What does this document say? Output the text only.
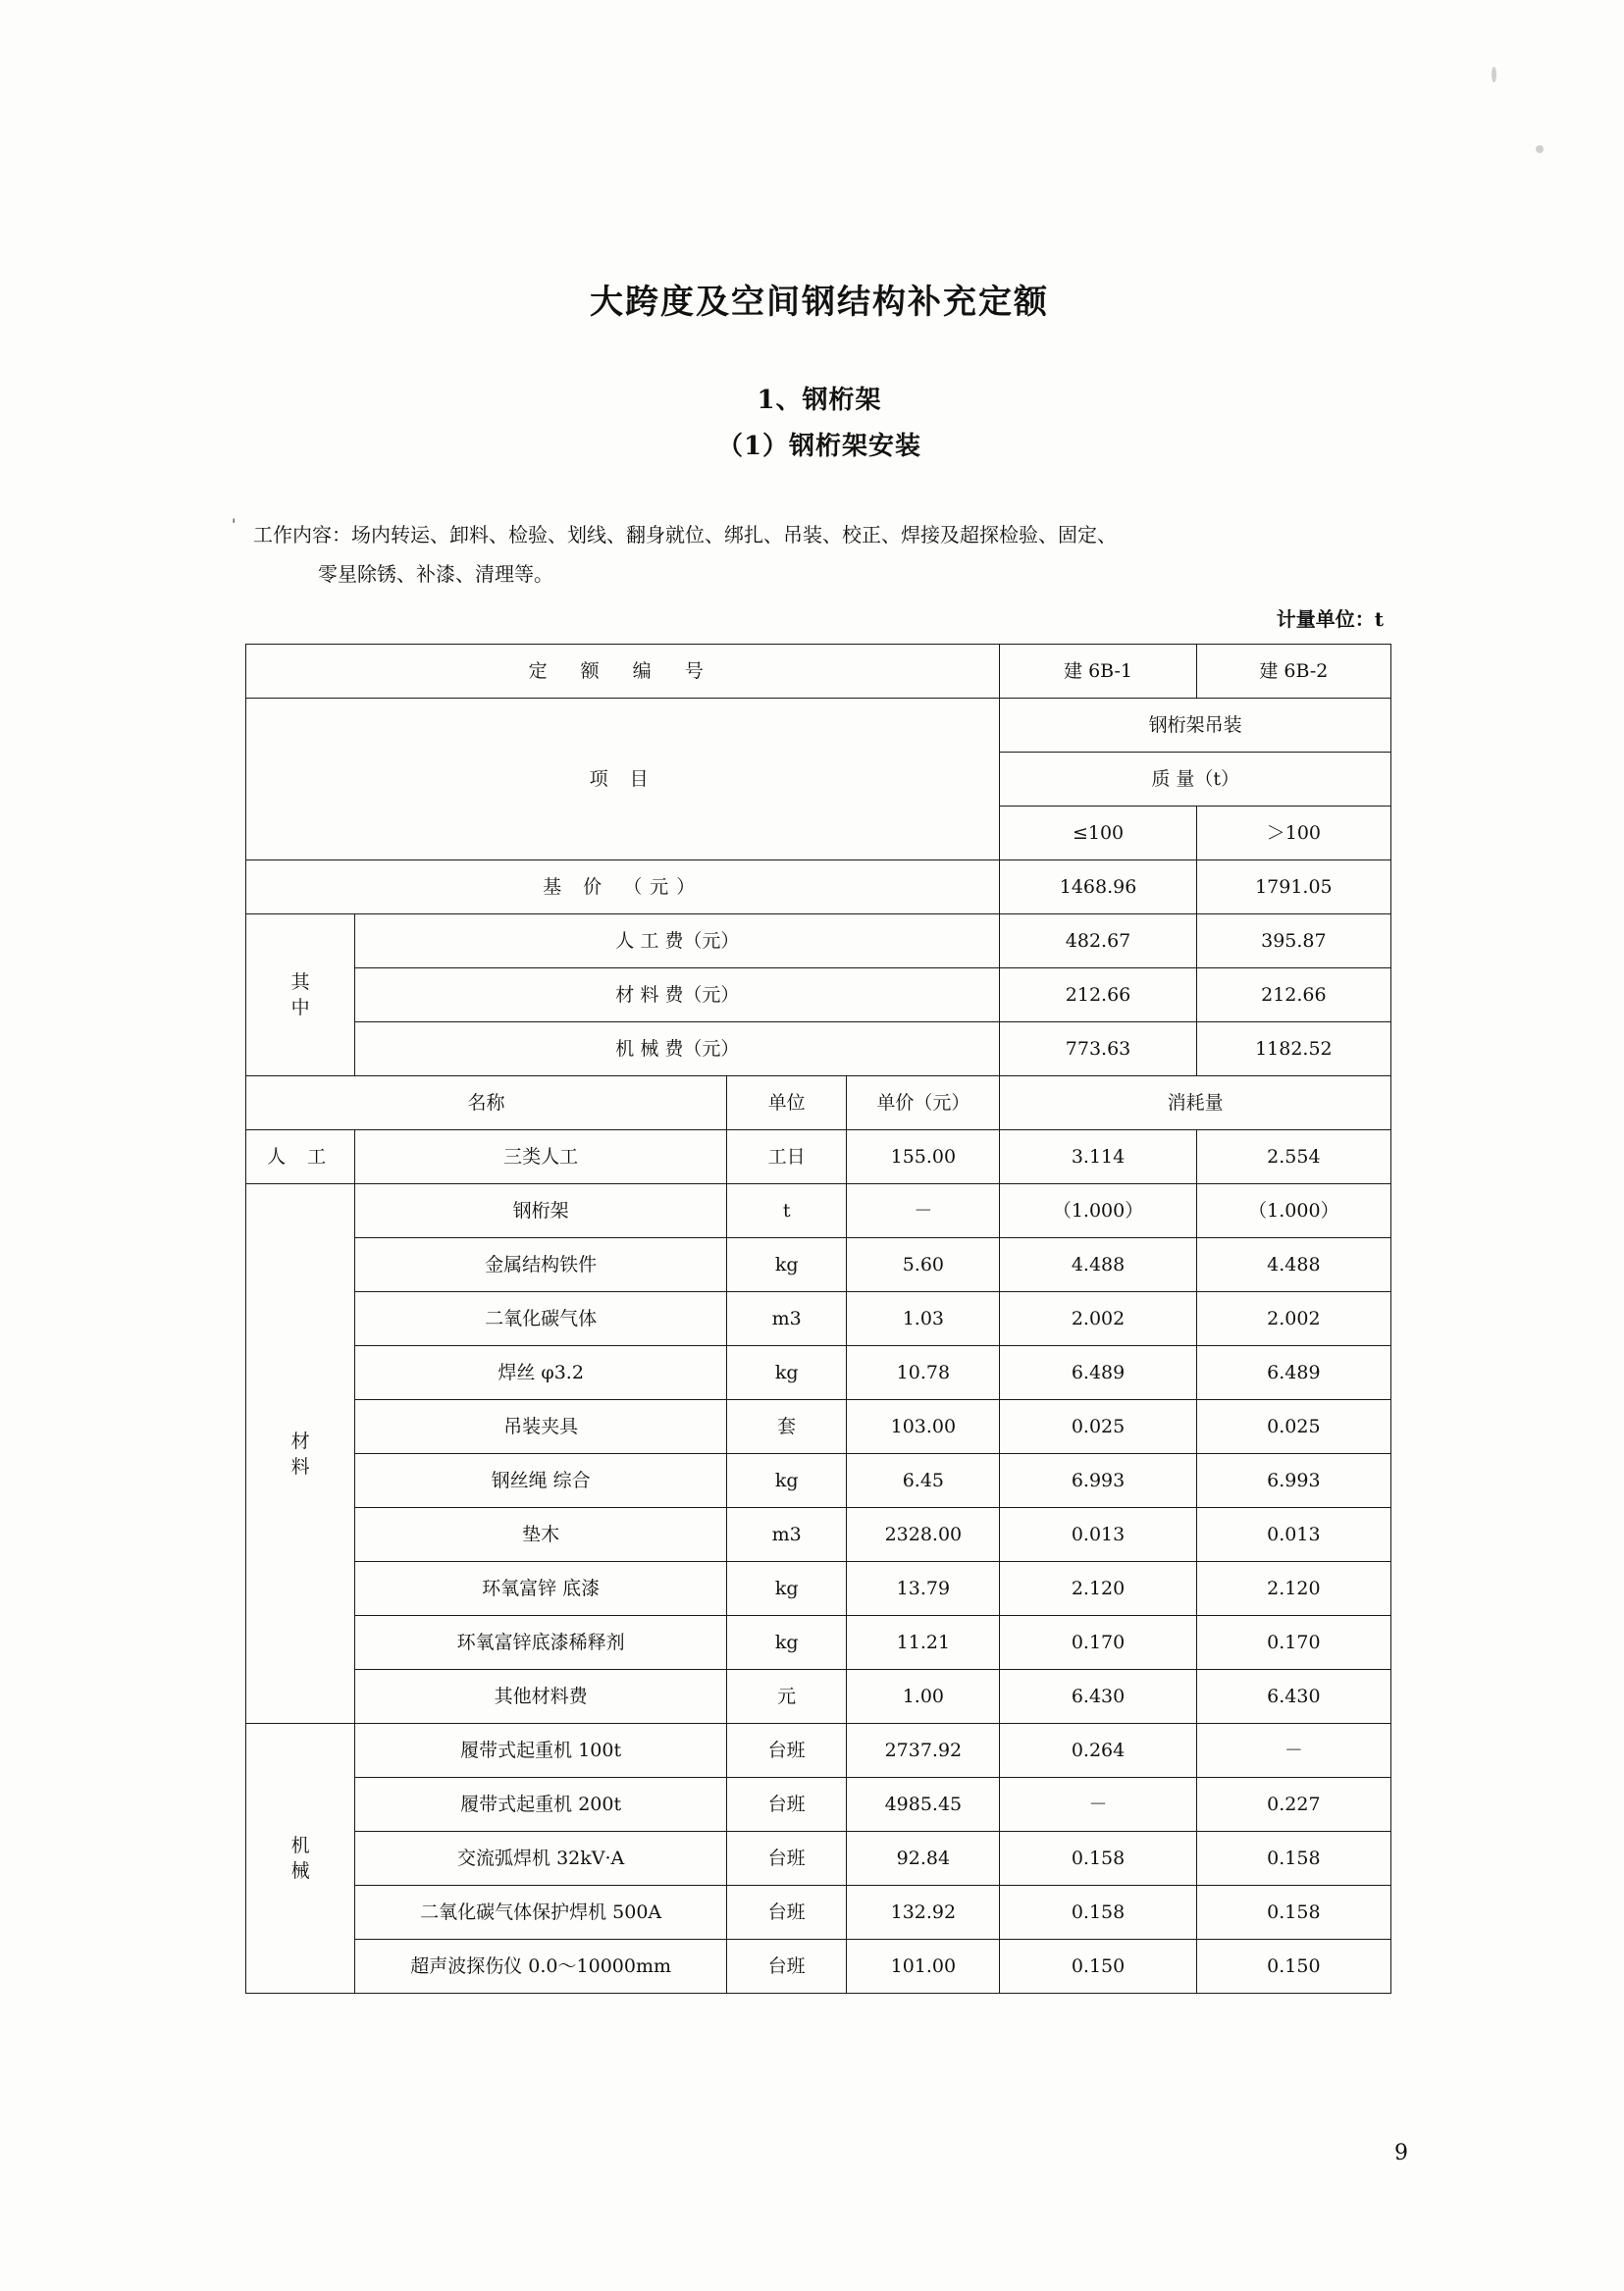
'
大跨度及空间钢结构补充定额
1、钢桁架
（1）钢桁架安装
工作内容：场内转运、卸料、检验、划线、翻身就位、绑扎、吊装、校正、焊接及超探检验、固定、
零星除锈、补漆、清理等。
计量单位：t
定 额 编 号				建 6B-1	建 6B-2
项 目				钢桁架吊装	
				质 量（t）	
				≤100	＞100
基 价 （元）				1468.96	1791.05

其
中	人 工 费（元）			482.67	395.87
	材 料 费（元）			212.66	212.66
	机 械 费（元）			773.63	1182.52
名称		单位	单价（元）	消耗量	
人 工	三类人工	工日	155.00	3.114	2.554

材
料	钢桁架	t	－	（1.000）	（1.000）
	金属结构铁件	kg	5.60	4.488	4.488
	二氧化碳气体	m3	1.03	2.002	2.002
	焊丝 φ3.2	kg	10.78	6.489	6.489
	吊装夹具	套	103.00	0.025	0.025
	钢丝绳 综合	kg	6.45	6.993	6.993
	垫木	m3	2328.00	0.013	0.013
	环氧富锌 底漆	kg	13.79	2.120	2.120
	环氧富锌底漆稀释剂	kg	11.21	0.170	0.170
	其他材料费	元	1.00	6.430	6.430

机
械	履带式起重机 100t	台班	2737.92	0.264	－
	履带式起重机 200t	台班	4985.45	－	0.227
	交流弧焊机 32kV·A	台班	92.84	0.158	0.158
	二氧化碳气体保护焊机 500A	台班	132.92	0.158	0.158
	超声波探伤仪 0.0～10000mm	台班	101.00	0.150	0.150
9
